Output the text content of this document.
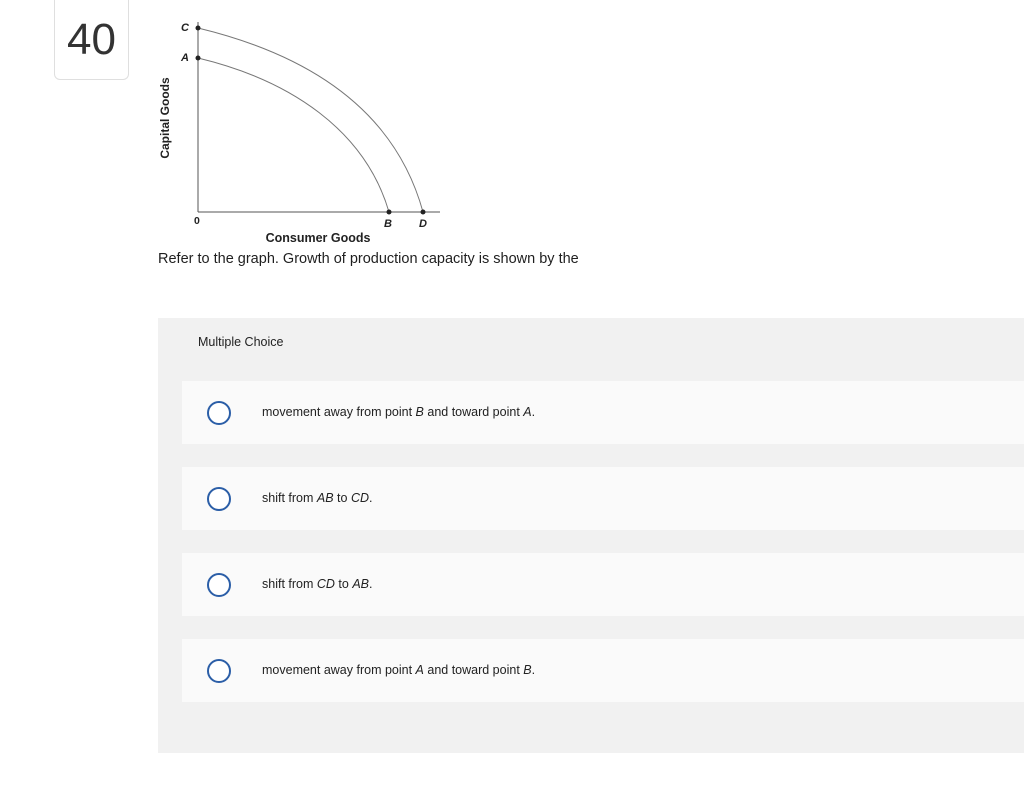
40	C
A
B D
0
Capital Goods
Consumer Goods
Refer to the graph. Growth of production capacity is shown by the
Multiple Choice
movement away from point B and toward point A.
shift from AB to CD.
shift from CD to AB.
movement away from point A and toward point B.
